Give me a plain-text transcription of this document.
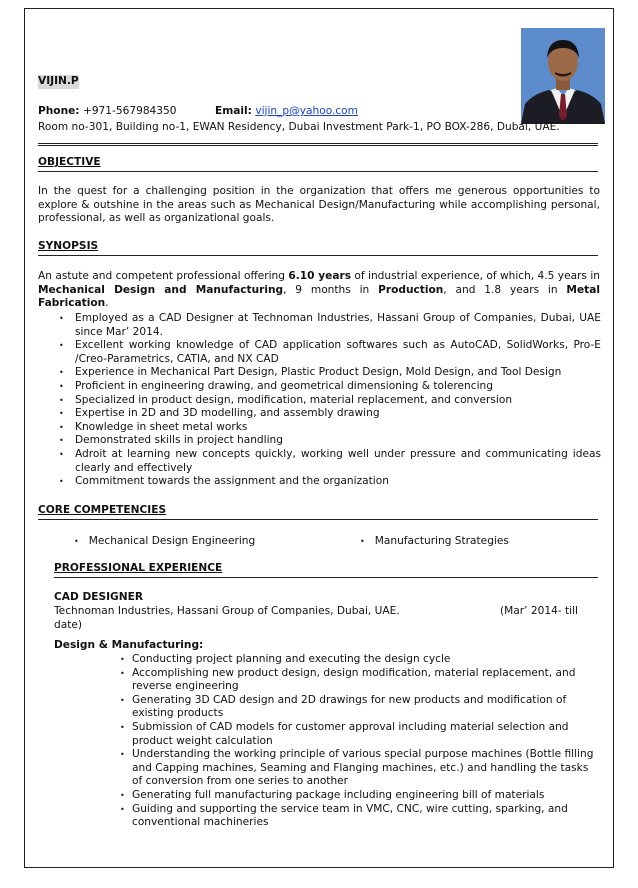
VIJIN.P
Phone: +971-567984350	Email: vijin_p@yahoo.com
Room no-301, Building no-1, EWAN Residency, Dubai Investment Park-1, PO BOX-286, Dubai, UAE.
OBJECTIVE
In the quest for a challenging position in the organization that offers me generous opportunities to explore & outshine in the areas such as Mechanical Design/Manufacturing while accomplishing personal, professional, as well as organizational goals.
SYNOPSIS
An astute and competent professional offering 6.10 years of industrial experience, of which, 4.5 years in Mechanical Design and Manufacturing, 9 months in Production, and 1.8 years in Metal Fabrication.
• Employed as a CAD Designer at Technoman Industries, Hassani Group of Companies, Dubai, UAE since Mar’ 2014.
• Excellent working knowledge of CAD application softwares such as AutoCAD, SolidWorks, Pro-E /Creo-Parametrics, CATIA, and NX CAD
• Experience in Mechanical Part Design, Plastic Product Design, Mold Design, and Tool Design
• Proficient in engineering drawing, and geometrical dimensioning & tolerencing
• Specialized in product design, modification, material replacement, and conversion
• Expertise in 2D and 3D modelling, and assembly drawing
• Knowledge in sheet metal works
• Demonstrated skills in project handling
• Adroit at learning new concepts quickly, working well under pressure and communicating ideas clearly and effectively
• Commitment towards the assignment and the organization
CORE COMPETENCIES
• Mechanical Design Engineering	• Manufacturing Strategies
PROFESSIONAL EXPERIENCE
CAD DESIGNER
Technoman Industries, Hassani Group of Companies, Dubai, UAE.	(Mar’ 2014- till date)
Design & Manufacturing:
• Conducting project planning and executing the design cycle
• Accomplishing new product design, design modification, material replacement, and reverse engineering
• Generating 3D CAD design and 2D drawings for new products and modification of existing products
• Submission of CAD models for customer approval including material selection and product weight calculation
• Understanding the working principle of various special purpose machines (Bottle filling and Capping machines, Seaming and Flanging machines, etc.) and handling the tasks of conversion from one series to another
• Generating full manufacturing package including engineering bill of materials
• Guiding and supporting the service team in VMC, CNC, wire cutting, sparking, and conventional machineries
